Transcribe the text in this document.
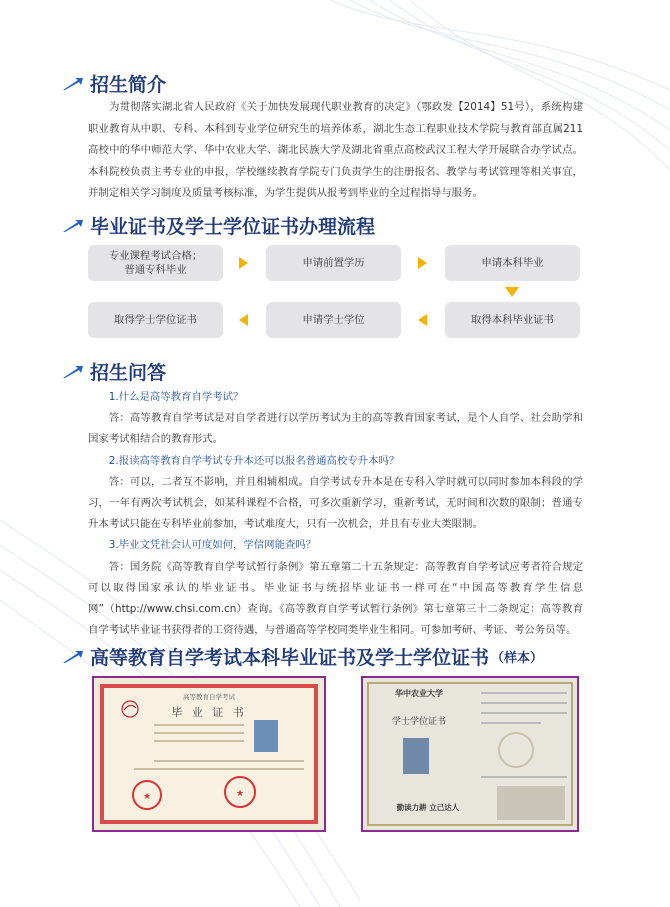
招生简介
为贯彻落实湖北省人民政府《关于加快发展现代职业教育的决定》（鄂政发【2014】51号），系统构建职业教育从中职、专科、本科到专业学位研究生的培养体系，湖北生态工程职业技术学院与教育部直属211高校中的华中师范大学、华中农业大学、湖北民族大学及湖北省重点高校武汉工程大学开展联合办学试点。本科院校负责主考专业的申报，学校继续教育学院专门负责学生的注册报名、教学与考试管理等相关事宜，并制定相关学习制度及质量考核标准，为学生提供从报考到毕业的全过程指导与服务。
毕业证书及学士学位证书办理流程
专业课程考试合格；
普通专科毕业
申请前置学历	申请本科毕业
取得本科毕业证书
申请学士学位
取得学士学位证书
招生问答
1.什么是高等教育自学考试？
答：高等教育自学考试是对自学者进行以学历考试为主的高等教育国家考试，是个人自学、社会助学和国家考试相结合的教育形式。
2.报读高等教育自学考试专升本还可以报名普通高校专升本吗？
答：可以，二者互不影响，并且相辅相成。自学考试专升本是在专科入学时就可以同时参加本科段的学习，一年有两次考试机会，如某科课程不合格，可多次重新学习，重新考试，无时间和次数的限制；普通专升本考试只能在专科毕业前参加，考试难度大，只有一次机会，并且有专业大类限制。
3.毕业文凭社会认可度如何，学信网能查吗？
答：国务院《高等教育自学考试暂行条例》第五章第二十五条规定：高等教育自学考试应考者符合规定可以取得国家承认的毕业证书。毕业证书与统招毕业证书一样可在“中国高等教育学生信息网”（http://www.chsi.com.cn）查询。《高等教育自学考试暂行条例》第七章第三十二条规定：高等教育自学考试毕业证书获得者的工资待遇，与普通高等学校同类毕业生相同。可参加考研、考证、考公务员等。
高等教育自学考试本科毕业证书及学士学位证书 （样本）
高等教育自学考试
毕 业 证 书
★	★
华中农业大学
学士学位证书
勤读力耕 立己达人
